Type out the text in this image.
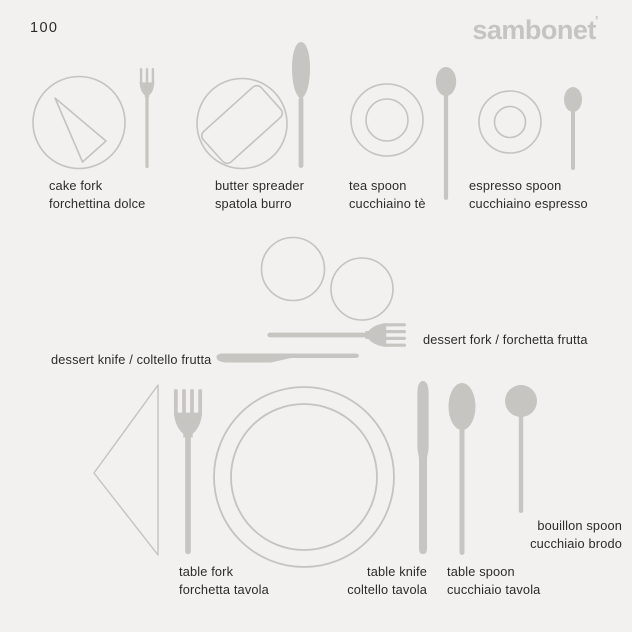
100	sambonet’
cake fork
forchettina dolce
butter spreader
spatola burro
tea spoon
cucchiaino tè
espresso spoon
cucchiaino espresso
dessert fork / forchetta frutta
dessert knife / coltello frutta
table fork
forchetta tavola
table knife
coltello tavola
table spoon
cucchiaio tavola
bouillon spoon
cucchiaio brodo
